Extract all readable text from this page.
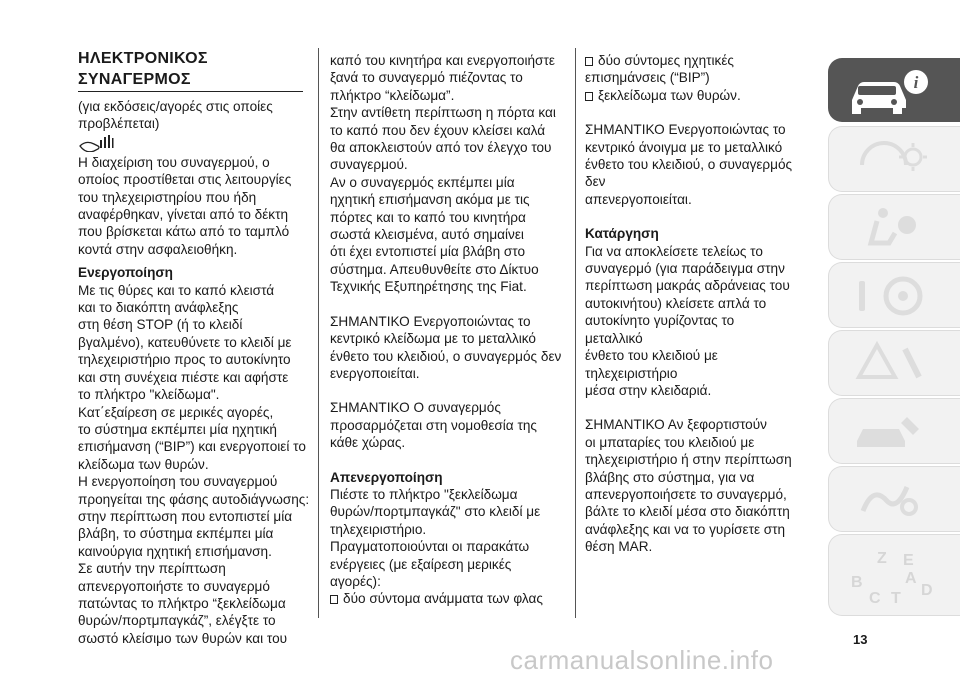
ΗΛΕΚΤΡΟΝΙΚΟΣ
ΣΥΝΑΓΕΡΜΟΣ

(για εκδόσεις/αγορές στις οποίες

προβλέπεται)

Η διαχείριση του συναγερμού, ο

οποίος προστίθεται στις λειτουργίες

του τηλεχειριστηρίου που ήδη

αναφέρθηκαν, γίνεται από το δέκτη

που βρίσκεται κάτω από το ταμπλό

κοντά στην ασφαλειοθήκη.

Ενεργοποίηση

Με τις θύρες και το καπό κλειστά

και το διακόπτη ανάφλεξης

στη θέση STOP (ή το κλειδί

βγαλμένο), κατευθύνετε το κλειδί με

τηλεχειριστήριο προς το αυτοκίνητο

και στη συνέχεια πιέστε και αφήστε

το πλήκτρο "κλείδωμα".

Κατ΄εξαίρεση σε μερικές αγορές,

το σύστημα εκπέμπει μία ηχητική

επισήμανση (“BIP”) και ενεργοποιεί το

κλείδωμα των θυρών.

Η ενεργοποίηση του συναγερμού

προηγείται της φάσης αυτοδιάγνωσης:

στην περίπτωση που εντοπιστεί μία

βλάβη, το σύστημα εκπέμπει μία

καινούργια ηχητική επισήμανση.

Σε αυτήν την περίπτωση

απενεργοποιήστε το συναγερμό

πατώντας το πλήκτρο “ξεκλείδωμα

θυρών/πορτμπαγκάζ”, ελέγξτε το

σωστό κλείσιμο των θυρών και του

καπό του κινητήρα και ενεργοποιήστε

ξανά το συναγερμό πιέζοντας το

πλήκτρο “κλείδωμα”.

Στην αντίθετη περίπτωση η πόρτα και

το καπό που δεν έχουν κλείσει καλά

θα αποκλειστούν από τον έλεγχο του

συναγερμού.

Αν ο συναγερμός εκπέμπει μία

ηχητική επισήμανση ακόμα με τις

πόρτες και το καπό του κινητήρα

σωστά κλεισμένα, αυτό σημαίνει

ότι έχει εντοπιστεί μία βλάβη στο

σύστημα. Απευθυνθείτε στο Δίκτυο

Τεχνικής Εξυπηρέτησης της Fiat.

ΣΗΜΑΝΤΙΚΟ Ενεργοποιώντας το

κεντρικό κλείδωμα με το μεταλλικό

ένθετο του κλειδιού, ο συναγερμός δεν

ενεργοποιείται.

ΣΗΜΑΝΤΙΚΟ Ο συναγερμός

προσαρμόζεται στη νομοθεσία της

κάθε χώρας.

Απενεργοποίηση

Πιέστε το πλήκτρο "ξεκλείδωμα

θυρών/πορτμπαγκάζ" στο κλειδί με

τηλεχειριστήριο.

Πραγματοποιούνται οι παρακάτω

ενέργειες (με εξαίρεση μερικές

αγορές):

δύο σύντομα ανάμματα των φλας

δύο σύντομες ηχητικές

επισημάνσεις (“BIP”)

ξεκλείδωμα των θυρών.

ΣΗΜΑΝΤΙΚΟ Ενεργοποιώντας το

κεντρικό άνοιγμα με το μεταλλικό

ένθετο του κλειδιού, ο συναγερμός δεν

απενεργοποιείται.

Κατάργηση

Για να αποκλείσετε τελείως το

συναγερμό (για παράδειγμα στην

περίπτωση μακράς αδράνειας του

αυτοκινήτου) κλείσετε απλά το

αυτοκίνητο γυρίζοντας το μεταλλικό

ένθετο του κλειδιού με τηλεχειριστήριο

μέσα στην κλειδαριά.

ΣΗΜΑΝΤΙΚΟ Αν ξεφορτιστούν

οι μπαταρίες του κλειδιού με

τηλεχειριστήριο ή στην περίπτωση

βλάβης στο σύστημα, για να

απενεργοποιήσετε το συναγερμό,

βάλτε το κλειδί μέσα στο διακόπτη

ανάφλεξης και να το γυρίσετε στη

θέση MAR.

i
Z E
A
B	D
C T
13
carmanualsonline.info
